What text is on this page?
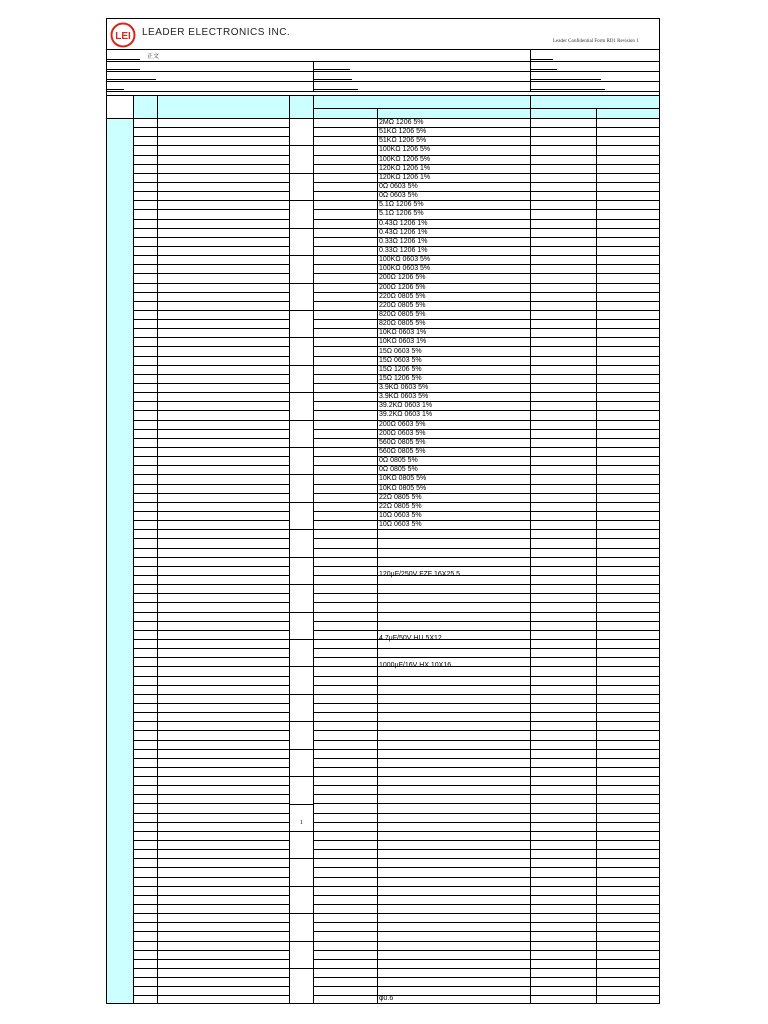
LEI LEADER ELECTRONICS INC.
Leader Confidential Form RD1 Revision 1
正文
2MΩ 1206 5%
51KΩ 1206 5%
51KΩ 1206 5%
100KΩ 1206 5%
100KΩ 1206 5%
120KΩ 1206 1%
120KΩ 1206 1%
0Ω 0603 5%
0Ω 0603 5%
5.1Ω 1206 5%
5.1Ω 1206 5%
0.43Ω 1206 1%
0.43Ω 1206 1%
0.33Ω 1206 1%
0.33Ω 1206 1%
100KΩ 0603 5%
100KΩ 0603 5%
200Ω 1206 5%
200Ω 1206 5%
220Ω 0805 5%
220Ω 0805 5%
820Ω 0805 5%
820Ω 0805 5%
10KΩ 0603 1%
10KΩ 0603 1%
15Ω 0603 5%
15Ω 0603 5%
15Ω 1206 5%
15Ω 1206 5%
3.9KΩ 0603 5%
3.9KΩ 0603 5%
39.2KΩ 0603 1%
39.2KΩ 0603 1%
200Ω 0603 5%
200Ω 0603 5%
560Ω 0805 5%
560Ω 0805 5%
0Ω 0805 5%
0Ω 0805 5%
10KΩ 0805 5%
10KΩ 0805 5%
22Ω 0805 5%
22Ω 0805 5%
10Ω 0603 5%
10Ω 0603 5%
120µF/250V FZF 16X25.5
4.7µF/50V HU 5X12
1000µF/16V HX 10X16
φ0.6
1
